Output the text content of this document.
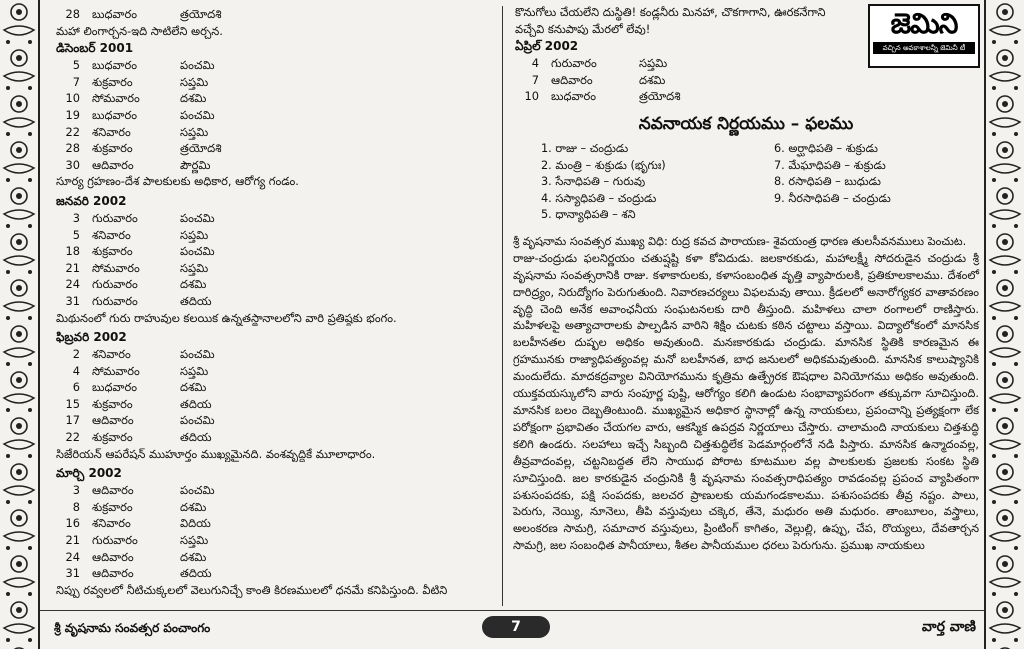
28	బుధవారం	త్రయోదశి
మహా లింగార్చన-ఇది సాటిలేని అర్చన.
డిసెంబర్ 2001
5	బుధవారం	పంచమి
7	శుక్రవారం	సప్తమి
10	సోమవారం	దశమి
19	బుధవారం	పంచమి
22	శనివారం	సప్తమి
28	శుక్రవారం	త్రయోదశి
30	ఆదివారం	పౌర్ణమి
సూర్య గ్రహణం-దేశ పాలకులకు అధికార, ఆరోగ్య గండం.
జనవరి 2002
3	గురువారం	పంచమి
5	శనివారం	సప్తమి
18	శుక్రవారం	పంచమి
21	సోమవారం	సప్తమి
24	గురువారం	దశమి
31	గురువారం	తదియ
మిథునంలో గురు రాహువుల కలయిక ఉన్నతస్థానాలలోని వారి ప్రతిష్ఠకు భంగం.
ఫిబ్రవరి 2002
2	శనివారం	పంచమి
4	సోమవారం	సప్తమి
6	బుధవారం	దశమి
15	శుక్రవారం	తదియ
17	ఆదివారం	పంచమి
22	శుక్రవారం	తదియ
సిజేరియన్ ఆపరేషన్ ముహూర్తం ముఖ్యమైనది. వంశవృద్ధికే మూలాధారం.
మార్చి 2002
3	ఆదివారం	పంచమి
8	శుక్రవారం	దశమి
16	శనివారం	విదియ
21	గురువారం	సప్తమి
24	ఆదివారం	దశమి
31	ఆదివారం	తదియ
నిప్పు రవ్వలలో నీటిచుక్కలలో వెలుగునిచ్చే కాంతి కిరణములలో ధనమే కనిపిస్తుంది. వీటిని
కొనుగోలు చేయలేని దుస్థితి! కండ్లనీరు మినహా, చొకగాగాని, ఊరకనేగాని
వచ్చేవి కనుపాపు మేరలో లేవు!
ఏప్రిల్ 2002
4	గురువారం	సప్తమి
7	ఆదివారం	దశమి
10	బుధవారం	త్రయోదశి
నవనాయక నిర్ణయము – ఫలము
1. రాజు – చంద్రుడు
2. మంత్రి – శుక్రుడు (భృగుః)
3. సేనాధిపతి – గురువు
4. సస్యాధిపతి – చంద్రుడు
5. ధాన్యాధిపతి – శని
6. అర్ఘాధిపతి – శుక్రుడు
7. మేఘాధిపతి – శుక్రుడు
8. రసాధిపతి – బుధుడు
9. నీరసాధిపతి – చంద్రుడు
శ్రీ వృషనామ సంవత్సర ముఖ్య విధి: రుద్ర కవచ పారాయణ- శైవయంత్ర ధారణ తులసీవనములు పెంచుట.
రాజు-చంద్రుడు ఫలనిర్ణయం చతుష్షష్టి కళా కోవిదుడు. జలకారకుడు, మహాలక్ష్మీ సోదరుడైన చంద్రుడు శ్రీ వృషనామ సంవత్సరానికి రాజు. కళాకారులకు, కళాసంబంధిత వృత్తి వ్యాపారులకి, ప్రతికూలకాలము. దేశంలో దారిద్ర్యం, నిరుద్యోగం పెరుగుతుంది. నివారణచర్యలు విఫలమవు తాయి. క్రీడలలో అనారోగ్యకర వాతావరణం వృద్ధి చెంది అనేక అవాంఛనీయ సంఘటనలకు దారి తీస్తుంది. మహిళలు చాలా రంగాలలో రాణిస్తారు. మహిళలపై అత్యాచారాలకు పాల్పడిన వారిని శిక్షిం చుటకు కఠిన చట్టాలు వస్తాయి. విద్యాలోకంలో మానసిక బలహీనతల దుష్ఫల అధికం అవుతుంది. మనఃకారకుడు చంద్రుడు. మానసిక స్థితికి కారణమైన ఈ గ్రహమునకు రాజ్యాధిపత్యంవల్ల మనో బలహీనత, బాధ జనులలో అధికమవుతుంది. మానసిక కాలుష్యానికి మందులేదు. మాదకద్రవ్యాల వినియోగమును కృత్రిమ ఉత్ప్రేరక ఔషధాల వినియోగము అధికం అవుతుంది. యుక్తవయస్కులోని వారు సంపూర్ణ పుష్టి, ఆరోగ్యం కలిగి ఉండుట సంభావ్యాపరంగా తక్కువగా సూచిస్తుంది. మానసిక బలం దెబ్బతింటుంది. ముఖ్యమైన అధికార స్థానాల్లో ఉన్న నాయకులు, ప్రపంచాన్ని ప్రత్యక్షంగా లేక పరోక్షంగా ప్రభావితం చేయగల వారు, ఆకస్మిక ఉపద్రవ నిర్ణయాలు చేస్తారు. చాలామంది నాయకులు చిత్తశుద్ధి కలిగి ఉండరు. సలహాలు ఇచ్చే సిబ్బంది చిత్తశుద్ధిలేక పెడమార్గంలోనే నడి పిస్తారు. మానసిక ఉన్మాదంవల్ల, తీవ్రవాదంవల్ల, చట్టనిబద్ధత లేని సాయుధ పోరాట కూటముల వల్ల పాలకులకు ప్రజలకు సంకట స్థితి సూచిస్తుంది. జల కారకుడైన చంద్రునికి శ్రీ వృషనామ సంవత్సరాధిపత్యం రావడంవల్ల ప్రపంచ వ్యాపితంగా పశుసంపదకు, పక్షి సంపదకు, జలచర ప్రాణులకు యమగండకాలము. పశుసంపదకు తీవ్ర నష్టం. పాలు, పెరుగు, నెయ్యి, నూనెలు, తీపి వస్తువులు చక్కెర, తేనె, మధురం అతి మధురం. తాంబూలం, వస్త్రాలు, అలంకరణ సామగ్రి, సమాచార వస్తువులు, ప్రింటింగ్ కాగితం, వెల్లుల్లి, ఉప్పు, చేప, రొయ్యలు, దేవతార్చన సామగ్రి, జల సంబంధిత పానీయాలు, శీతల పానీయముల ధరలు పెరుగును. ప్రముఖ నాయకులు
జెమిని
వచ్చిన అవకాశాలన్నీ జెమినీ టీ
శ్రీ వృషనామ సంవత్సర పంచాంగం	7	వార్త వాణి
